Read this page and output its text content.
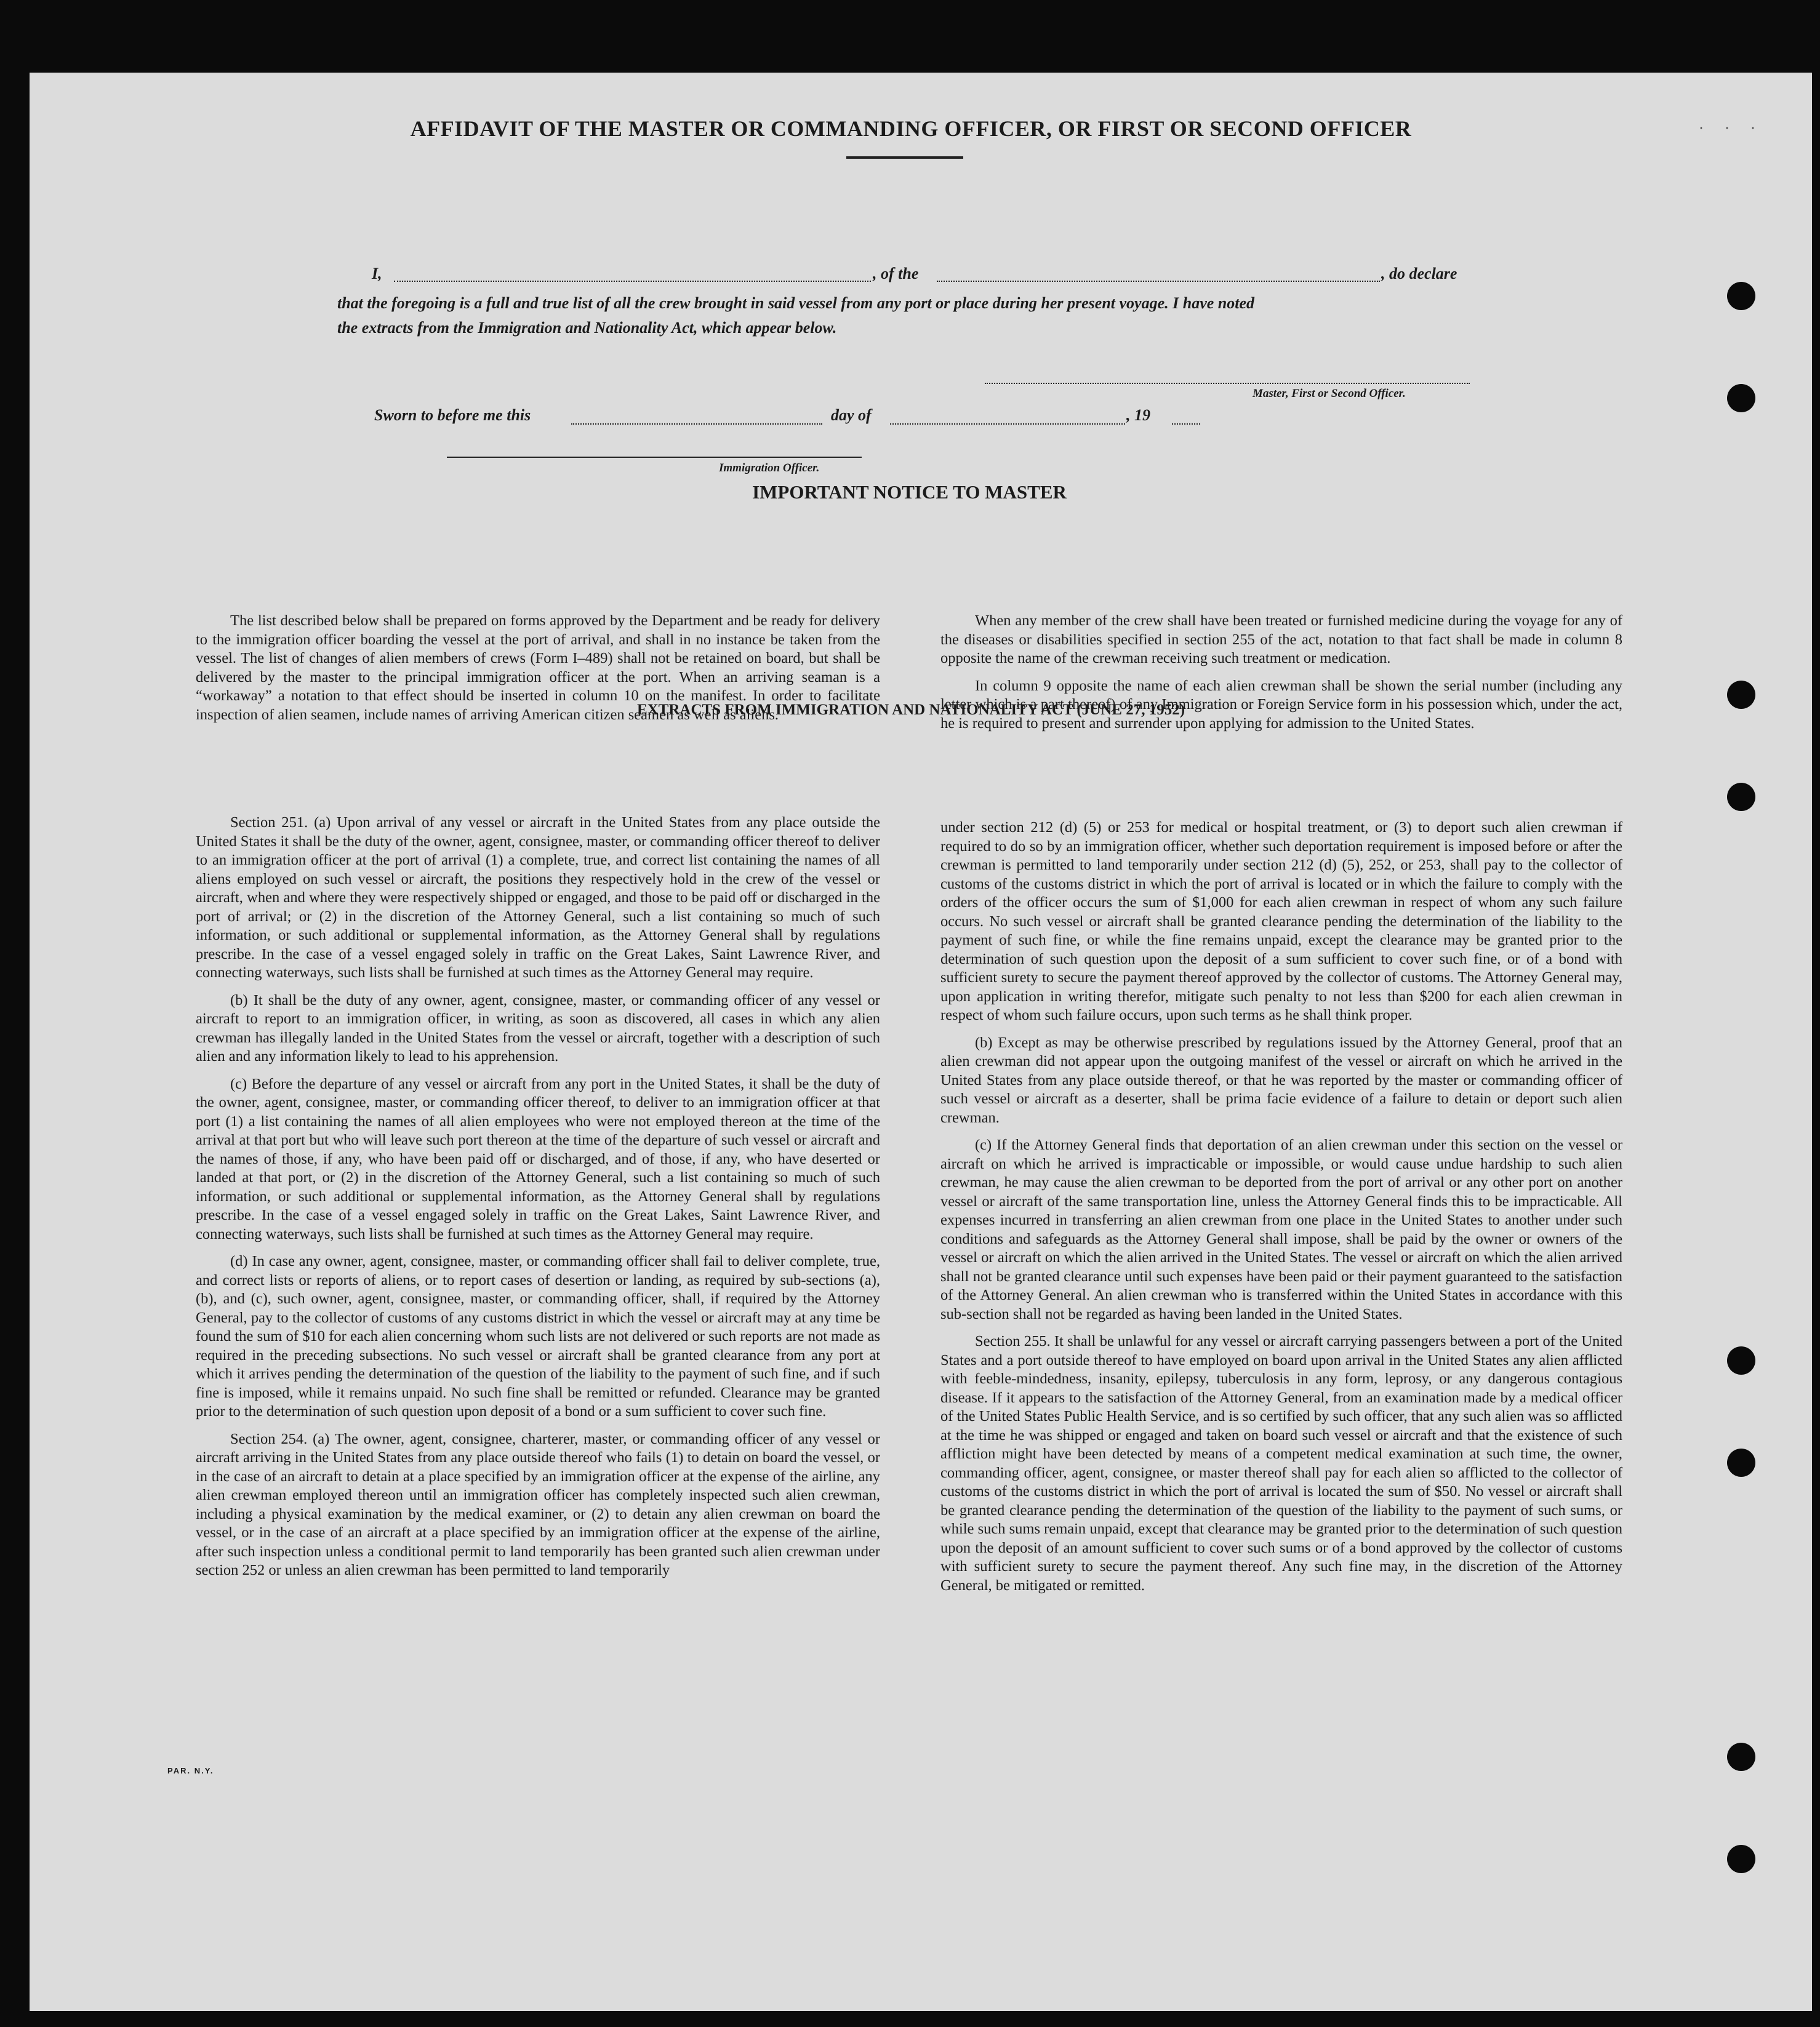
· · ·
AFFIDAVIT OF THE MASTER OR COMMANDING OFFICER, OR FIRST OR SECOND OFFICER
I,	, of the	, do declare
that the foregoing is a full and true list of all the crew brought in said vessel from any port or place during her present voyage. I have noted
the extracts from the Immigration and Nationality Act, which appear below.
Master, First or Second Officer.
Sworn to before me this	day of	, 19
Immigration Officer.
IMPORTANT NOTICE TO MASTER

The list described below shall be prepared on forms approved by the Department and be ready for delivery to the immigration officer boarding the vessel at the port of arrival, and shall in no instance be taken from the vessel. The list of changes of alien members of crews (Form I–489) shall not be retained on board, but shall be delivered by the master to the principal immigration officer at the port. When an arriving seaman is a “workaway” a notation to that effect should be inserted in column 10 on the manifest. In order to facilitate inspection of alien seamen, include names of arriving American citizen seamen as well as aliens.

When any member of the crew shall have been treated or furnished medicine during the voyage for any of the diseases or disabilities specified in section 255 of the act, notation to that fact shall be made in column 8 opposite the name of the crewman receiving such treatment or medication.

In column 9 opposite the name of each alien crewman shall be shown the serial number (including any letter which is a part thereof) of any Immigration or Foreign Service form in his possession which, under the act, he is required to present and surrender upon applying for admission to the United States.

EXTRACTS FROM IMMIGRATION AND NATIONALITY ACT (JUNE 27, 1952)

Section 251. (a) Upon arrival of any vessel or aircraft in the United States from any place outside the United States it shall be the duty of the owner, agent, consignee, master, or commanding officer thereof to deliver to an immigration officer at the port of arrival (1) a complete, true, and correct list containing the names of all aliens employed on such vessel or aircraft, the positions they respectively hold in the crew of the vessel or aircraft, when and where they were respectively shipped or engaged, and those to be paid off or discharged in the port of arrival; or (2) in the discretion of the Attorney General, such a list containing so much of such information, or such additional or supplemental information, as the Attorney General shall by regulations prescribe. In the case of a vessel engaged solely in traffic on the Great Lakes, Saint Lawrence River, and connecting waterways, such lists shall be furnished at such times as the Attorney General may require.

(b) It shall be the duty of any owner, agent, consignee, master, or commanding officer of any vessel or aircraft to report to an immigration officer, in writing, as soon as discovered, all cases in which any alien crewman has illegally landed in the United States from the vessel or aircraft, together with a description of such alien and any information likely to lead to his apprehension.

(c) Before the departure of any vessel or aircraft from any port in the United States, it shall be the duty of the owner, agent, consignee, master, or commanding officer thereof, to deliver to an immigration officer at that port (1) a list containing the names of all alien employees who were not employed thereon at the time of the arrival at that port but who will leave such port thereon at the time of the departure of such vessel or aircraft and the names of those, if any, who have been paid off or discharged, and of those, if any, who have deserted or landed at that port, or (2) in the discretion of the Attorney General, such a list containing so much of such information, or such additional or supplemental information, as the Attorney General shall by regulations prescribe. In the case of a vessel engaged solely in traffic on the Great Lakes, Saint Lawrence River, and connecting waterways, such lists shall be furnished at such times as the Attorney General may require.

(d) In case any owner, agent, consignee, master, or commanding officer shall fail to deliver complete, true, and correct lists or reports of aliens, or to report cases of desertion or landing, as required by sub-sections (a), (b), and (c), such owner, agent, consignee, master, or commanding officer, shall, if required by the Attorney General, pay to the collector of customs of any customs district in which the vessel or aircraft may at any time be found the sum of $10 for each alien concerning whom such lists are not delivered or such reports are not made as required in the preceding subsections. No such vessel or aircraft shall be granted clearance from any port at which it arrives pending the determination of the question of the liability to the payment of such fine, and if such fine is imposed, while it remains unpaid. No such fine shall be remitted or refunded. Clearance may be granted prior to the determination of such question upon deposit of a bond or a sum sufficient to cover such fine.

Section 254. (a) The owner, agent, consignee, charterer, master, or commanding officer of any vessel or aircraft arriving in the United States from any place outside thereof who fails (1) to detain on board the vessel, or in the case of an aircraft to detain at a place specified by an immigration officer at the expense of the airline, any alien crewman employed thereon until an immigration officer has completely inspected such alien crewman, including a physical examination by the medical examiner, or (2) to detain any alien crewman on board the vessel, or in the case of an aircraft at a place specified by an immigration officer at the expense of the airline, after such inspection unless a conditional permit to land temporarily has been granted such alien crewman under section 252 or unless an alien crewman has been permitted to land temporarily

under section 212 (d) (5) or 253 for medical or hospital treatment, or (3) to deport such alien crewman if required to do so by an immigration officer, whether such deportation requirement is imposed before or after the crewman is permitted to land temporarily under section 212 (d) (5), 252, or 253, shall pay to the collector of customs of the customs district in which the port of arrival is located or in which the failure to comply with the orders of the officer occurs the sum of $1,000 for each alien crewman in respect of whom any such failure occurs. No such vessel or aircraft shall be granted clearance pending the determination of the liability to the payment of such fine, or while the fine remains unpaid, except the clearance may be granted prior to the determination of such question upon the deposit of a sum sufficient to cover such fine, or of a bond with sufficient surety to secure the payment thereof approved by the collector of customs. The Attorney General may, upon application in writing therefor, mitigate such penalty to not less than $200 for each alien crewman in respect of whom such failure occurs, upon such terms as he shall think proper.

(b) Except as may be otherwise prescribed by regulations issued by the Attorney General, proof that an alien crewman did not appear upon the outgoing manifest of the vessel or aircraft on which he arrived in the United States from any place outside thereof, or that he was reported by the master or commanding officer of such vessel or aircraft as a deserter, shall be prima facie evidence of a failure to detain or deport such alien crewman.

(c) If the Attorney General finds that deportation of an alien crewman under this section on the vessel or aircraft on which he arrived is impracticable or impossible, or would cause undue hardship to such alien crewman, he may cause the alien crewman to be deported from the port of arrival or any other port on another vessel or aircraft of the same transportation line, unless the Attorney General finds this to be impracticable. All expenses incurred in transferring an alien crewman from one place in the United States to another under such conditions and safeguards as the Attorney General shall impose, shall be paid by the owner or owners of the vessel or aircraft on which the alien arrived in the United States. The vessel or aircraft on which the alien arrived shall not be granted clearance until such expenses have been paid or their payment guaranteed to the satisfaction of the Attorney General. An alien crewman who is transferred within the United States in accordance with this sub-section shall not be regarded as having been landed in the United States.

Section 255. It shall be unlawful for any vessel or aircraft carrying passengers between a port of the United States and a port outside thereof to have employed on board upon arrival in the United States any alien afflicted with feeble-mindedness, insanity, epilepsy, tuberculosis in any form, leprosy, or any dangerous contagious disease. If it appears to the satisfaction of the Attorney General, from an examination made by a medical officer of the United States Public Health Service, and is so certified by such officer, that any such alien was so afflicted at the time he was shipped or engaged and taken on board such vessel or aircraft and that the existence of such affliction might have been detected by means of a competent medical examination at such time, the owner, commanding officer, agent, consignee, or master thereof shall pay for each alien so afflicted to the collector of customs of the customs district in which the port of arrival is located the sum of $50. No vessel or aircraft shall be granted clearance pending the determination of the question of the liability to the payment of such sums, or while such sums remain unpaid, except that clearance may be granted prior to the determination of such question upon the deposit of an amount sufficient to cover such sums or of a bond approved by the collector of customs with sufficient surety to secure the payment thereof. Any such fine may, in the discretion of the Attorney General, be mitigated or remitted.

PAR. N.Y.
